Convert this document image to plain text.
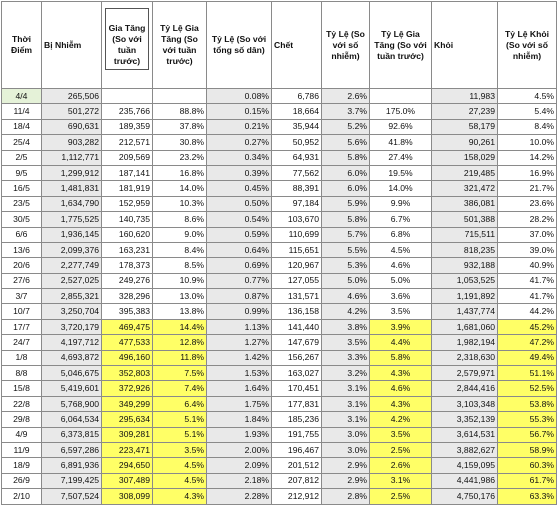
Thời Điểm	Bị Nhiễm	Gia Tăng (So với tuần trước)	Tỷ Lệ Gia Tăng (So với tuần trước)	Tỷ Lệ (So với tổng số dân)	Chết	Tỷ Lệ (So với số nhiễm)	Tỷ Lệ Gia Tăng (So với tuần trước)	Khỏi	Tỷ Lệ Khỏi (So với số nhiễm)
4/4	265,506			0.08%	6,786	2.6%		11,983	4.5%
11/4	501,272	235,766	88.8%	0.15%	18,664	3.7%	175.0%	27,239	5.4%
18/4	690,631	189,359	37.8%	0.21%	35,944	5.2%	92.6%	58,179	8.4%
25/4	903,282	212,571	30.8%	0.27%	50,952	5.6%	41.8%	90,261	10.0%
2/5	1,112,771	209,569	23.2%	0.34%	64,931	5.8%	27.4%	158,029	14.2%
9/5	1,299,912	187,141	16.8%	0.39%	77,562	6.0%	19.5%	219,485	16.9%
16/5	1,481,831	181,919	14.0%	0.45%	88,391	6.0%	14.0%	321,472	21.7%
23/5	1,634,790	152,959	10.3%	0.50%	97,184	5.9%	9.9%	386,081	23.6%
30/5	1,775,525	140,735	8.6%	0.54%	103,670	5.8%	6.7%	501,388	28.2%
6/6	1,936,145	160,620	9.0%	0.59%	110,699	5.7%	6.8%	715,511	37.0%
13/6	2,099,376	163,231	8.4%	0.64%	115,651	5.5%	4.5%	818,235	39.0%
20/6	2,277,749	178,373	8.5%	0.69%	120,967	5.3%	4.6%	932,188	40.9%
27/6	2,527,025	249,276	10.9%	0.77%	127,055	5.0%	5.0%	1,053,525	41.7%
3/7	2,855,321	328,296	13.0%	0.87%	131,571	4.6%	3.6%	1,191,892	41.7%
10/7	3,250,704	395,383	13.8%	0.99%	136,158	4.2%	3.5%	1,437,774	44.2%
17/7	3,720,179	469,475	14.4%	1.13%	141,440	3.8%	3.9%	1,681,060	45.2%
24/7	4,197,712	477,533	12.8%	1.27%	147,679	3.5%	4.4%	1,982,194	47.2%
1/8	4,693,872	496,160	11.8%	1.42%	156,267	3.3%	5.8%	2,318,630	49.4%
8/8	5,046,675	352,803	7.5%	1.53%	163,027	3.2%	4.3%	2,579,971	51.1%
15/8	5,419,601	372,926	7.4%	1.64%	170,451	3.1%	4.6%	2,844,416	52.5%
22/8	5,768,900	349,299	6.4%	1.75%	177,831	3.1%	4.3%	3,103,348	53.8%
29/8	6,064,534	295,634	5.1%	1.84%	185,236	3.1%	4.2%	3,352,139	55.3%
4/9	6,373,815	309,281	5.1%	1.93%	191,755	3.0%	3.5%	3,614,531	56.7%
11/9	6,597,286	223,471	3.5%	2.00%	196,467	3.0%	2.5%	3,882,627	58.9%
18/9	6,891,936	294,650	4.5%	2.09%	201,512	2.9%	2.6%	4,159,095	60.3%
26/9	7,199,425	307,489	4.5%	2.18%	207,812	2.9%	3.1%	4,441,986	61.7%
2/10	7,507,524	308,099	4.3%	2.28%	212,912	2.8%	2.5%	4,750,176	63.3%
